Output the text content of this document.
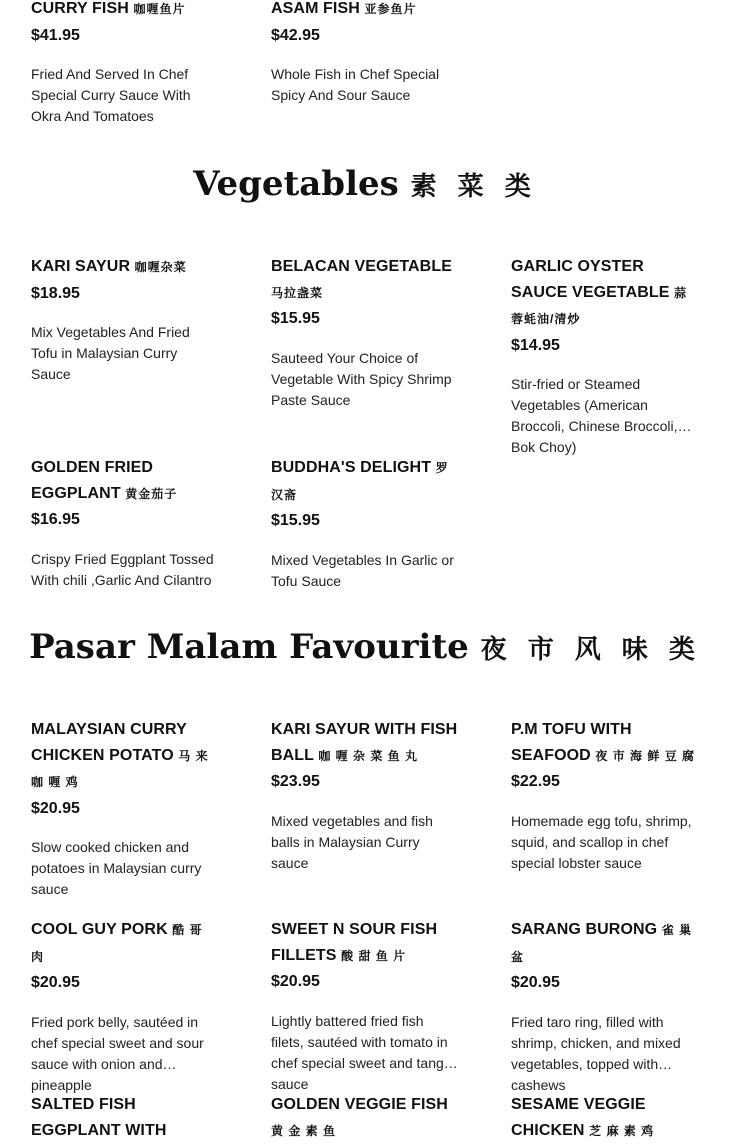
CURRY FISH 咖喱鱼片
$41.95
Fried And Served In Chef Special Curry Sauce With Okra And Tomatoes
ASAM FISH 亚参鱼片
$42.95
Whole Fish in Chef Special Spicy And Sour Sauce
Vegetables 素 菜 类
KARI SAYUR 咖喱杂菜
$18.95
Mix Vegetables And Fried Tofu in Malaysian Curry Sauce
BELACAN VEGETABLE 马拉盏菜
$15.95
Sauteed Your Choice of Vegetable With Spicy Shrimp Paste Sauce
GARLIC OYSTER SAUCE VEGETABLE 蒜蓉蚝油/清炒
$14.95
Stir-fried or Steamed Vegetables (American Broccoli, Chinese Broccoli, Bok Choy)
GOLDEN FRIED EGGPLANT 黄金茄子
$16.95
Crispy Fried Eggplant Tossed With chili ,Garlic And Cilantro
BUDDHA'S DELIGHT 罗汉斋
$15.95
Mixed Vegetables In Garlic or Tofu Sauce
Pasar Malam Favourite 夜 市 风 味 类
MALAYSIAN CURRY CHICKEN POTATO 马 来 咖 喱 鸡
$20.95
Slow cooked chicken and potatoes in Malaysian curry sauce
KARI SAYUR WITH FISH BALL 咖 喱 杂 菜 鱼 丸
$23.95
Mixed vegetables and fish balls in Malaysian Curry sauce
P.M TOFU WITH SEAFOOD 夜 市 海 鲜 豆 腐
$22.95
Homemade egg tofu, shrimp, squid, and scallop in chef special lobster sauce
COOL GUY PORK 酷 哥 肉
$20.95
Fried pork belly, sautéed in chef special sweet and sour sauce with onion and pineapple
SWEET N SOUR FISH FILLETS 酸 甜 鱼 片
$20.95
Lightly battered fried fish filets, sautéed with tomato in chef special sweet and tangy sauce
SARANG BURONG 雀 巢 盆
$20.95
Fried taro ring, filled with shrimp, chicken, and mixed vegetables, topped with cashews
SALTED FISH EGGPLANT WITH
GOLDEN VEGGIE FISH 黄 金 素 鱼
SESAME VEGGIE CHICKEN 芝 麻 素 鸡
